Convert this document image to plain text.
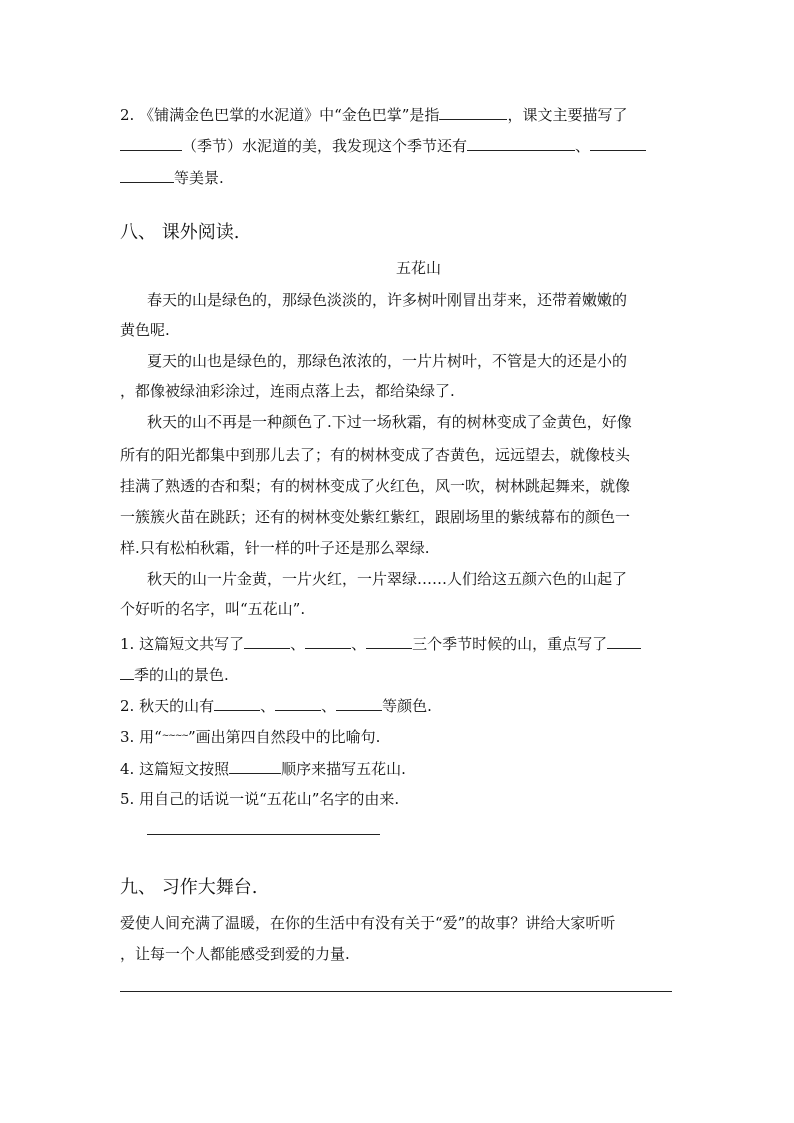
2. 《铺满金色巴掌的水泥道》中“金色巴掌”是指	，课文主要描写了
（季节）水泥道的美，我发现这个季节还有	、
等美景.
八、 课外阅读.
五花山
春天的山是绿色的，那绿色淡淡的，许多树叶刚冒出芽来，还带着嫩嫩的
黄色呢.
夏天的山也是绿色的，那绿色浓浓的，一片片树叶，不管是大的还是小的
，都像被绿油彩涂过，连雨点落上去，都给染绿了.
秋天的山不再是一种颜色了.下过一场秋霜，有的树林变成了金黄色，好像
所有的阳光都集中到那儿去了；有的树林变成了杏黄色，远远望去，就像枝头
挂满了熟透的杏和梨；有的树林变成了火红色，风一吹，树林跳起舞来，就像
一簇簇火苗在跳跃；还有的树林变处紫红紫红，跟剧场里的紫绒幕布的颜色一
样.只有松柏秋霜，针一样的叶子还是那么翠绿.
秋天的山一片金黄，一片火红，一片翠绿……人们给这五颜六色的山起了
个好听的名字，叫“五花山”.
1. 这篇短文共写了	、	、	三个季节时候的山，重点写了
季的山的景色.
2. 秋天的山有	、	、	等颜色.
3. 用“~~~~”画出第四自然段中的比喻句.
4. 这篇短文按照	顺序来描写五花山.
5. 用自己的话说一说“五花山”名字的由来.
九、 习作大舞台.
爱使人间充满了温暖，在你的生活中有没有关于“爱”的故事？讲给大家听听
，让每一个人都能感受到爱的力量.
